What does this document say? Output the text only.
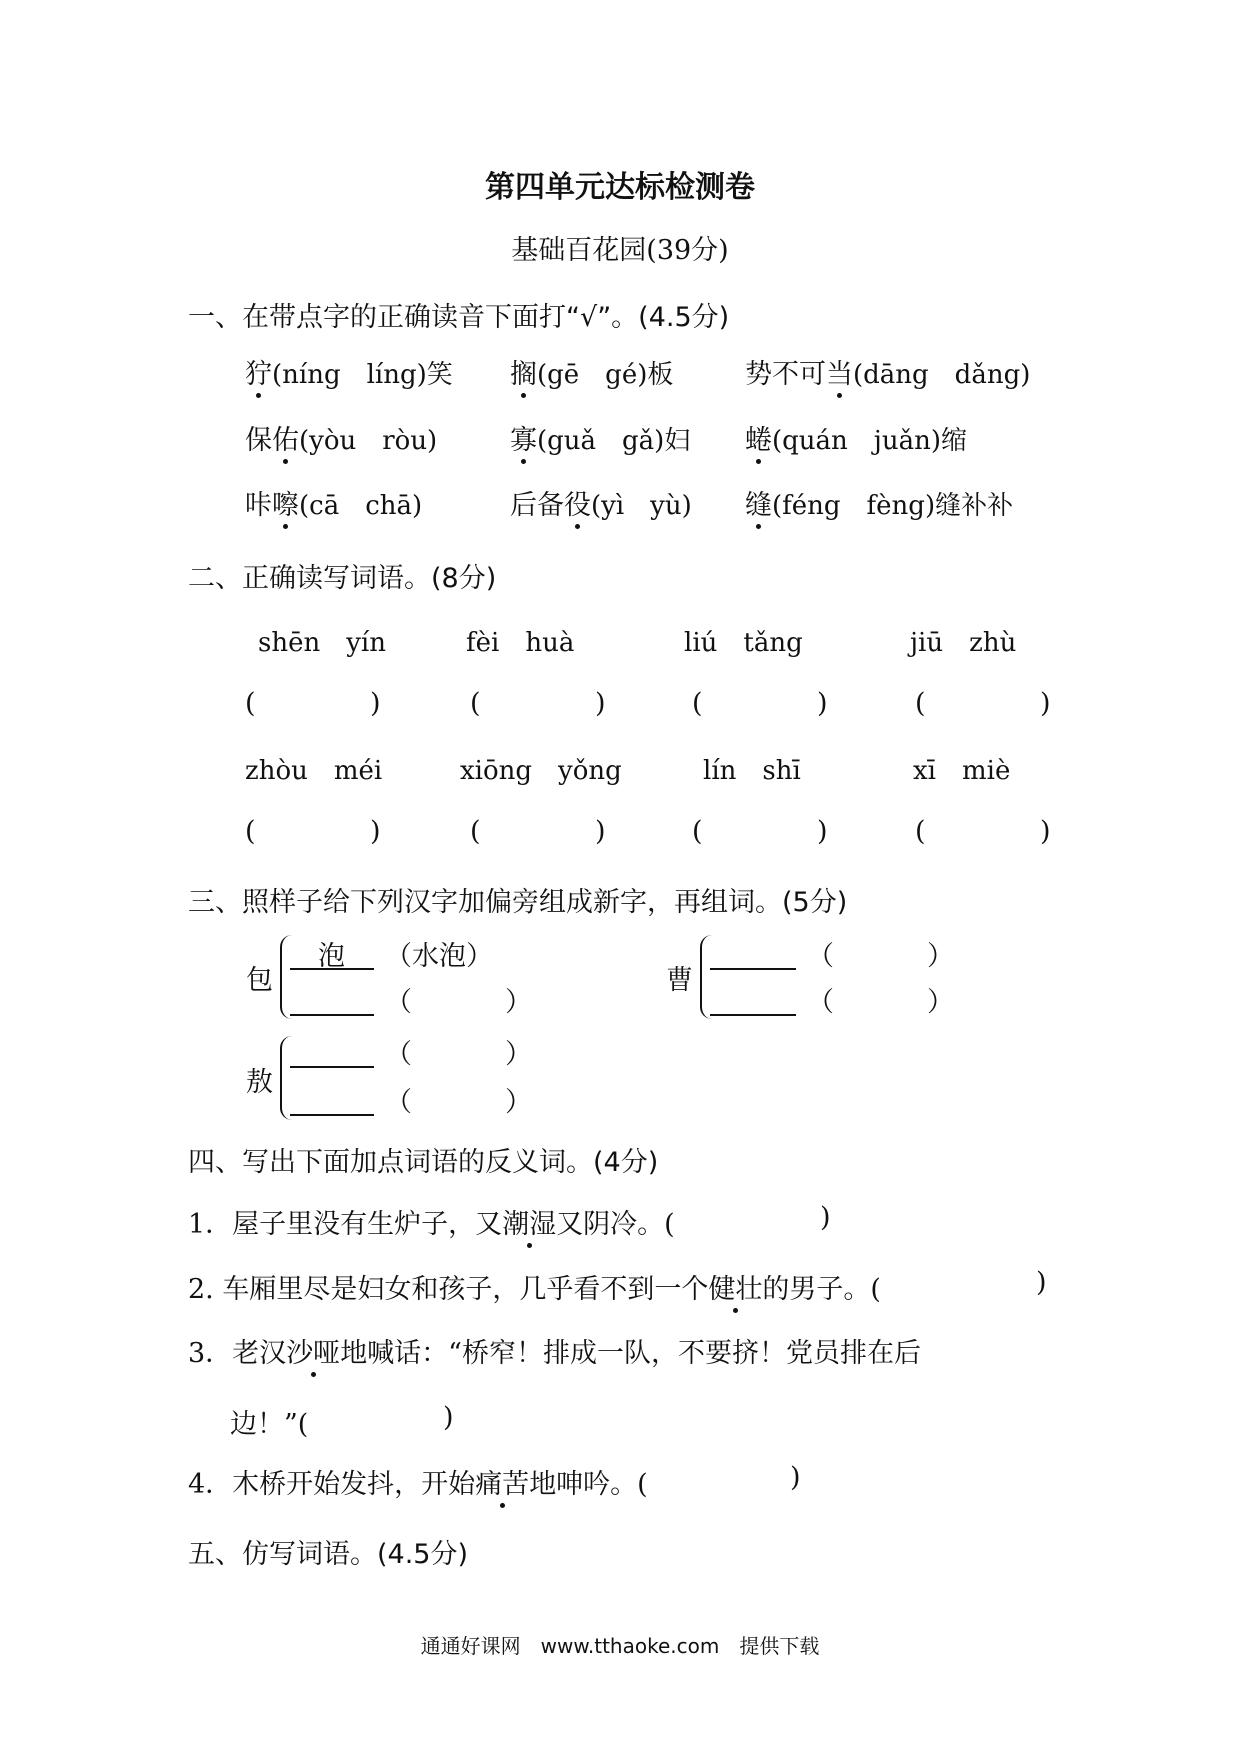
第四单元达标检测卷
基础百花园(39分)
一、在带点字的正确读音下面打“√”。(4.5分)
狞(níng　líng)笑 搁(gē　gé)板	势不可当(dāng　dǎng)
保佑(yòu　ròu)	寡(guǎ　gǎ)妇 蜷(quán　juǎn)缩
咔嚓(cā　chā)	后备役(yì　yù) 缝(féng　fèng)缝补补
二、正确读写词语。(8分)
shēn　yín	fèi　huà	liú　tǎng	jiū　zhù
(	)	(	)	(	)	(	)
zhòu　méi	xiōng　yǒng	lín　shī	xī　miè
(	)	(	)	(	)	(	)
三、照样子给下列汉字加偏旁组成新字，再组词。(5分)
包
泡 （水泡）
（	）
曹
（	）
（	）
敖
（	）
（	）
四、写出下面加点词语的反义词。(4分)
1．屋子里没有生炉子，又潮湿又阴冷。(	)
2. 车厢里尽是妇女和孩子，几乎看不到一个健壮的男子。(	)
3．老汉沙哑地喊话：“桥窄！排成一队，不要挤！党员排在后
边！”(	)
4．木桥开始发抖，开始痛苦地呻吟。(	)
五、仿写词语。(4.5分)
通通好课网　www.tthaoke.com　提供下载
